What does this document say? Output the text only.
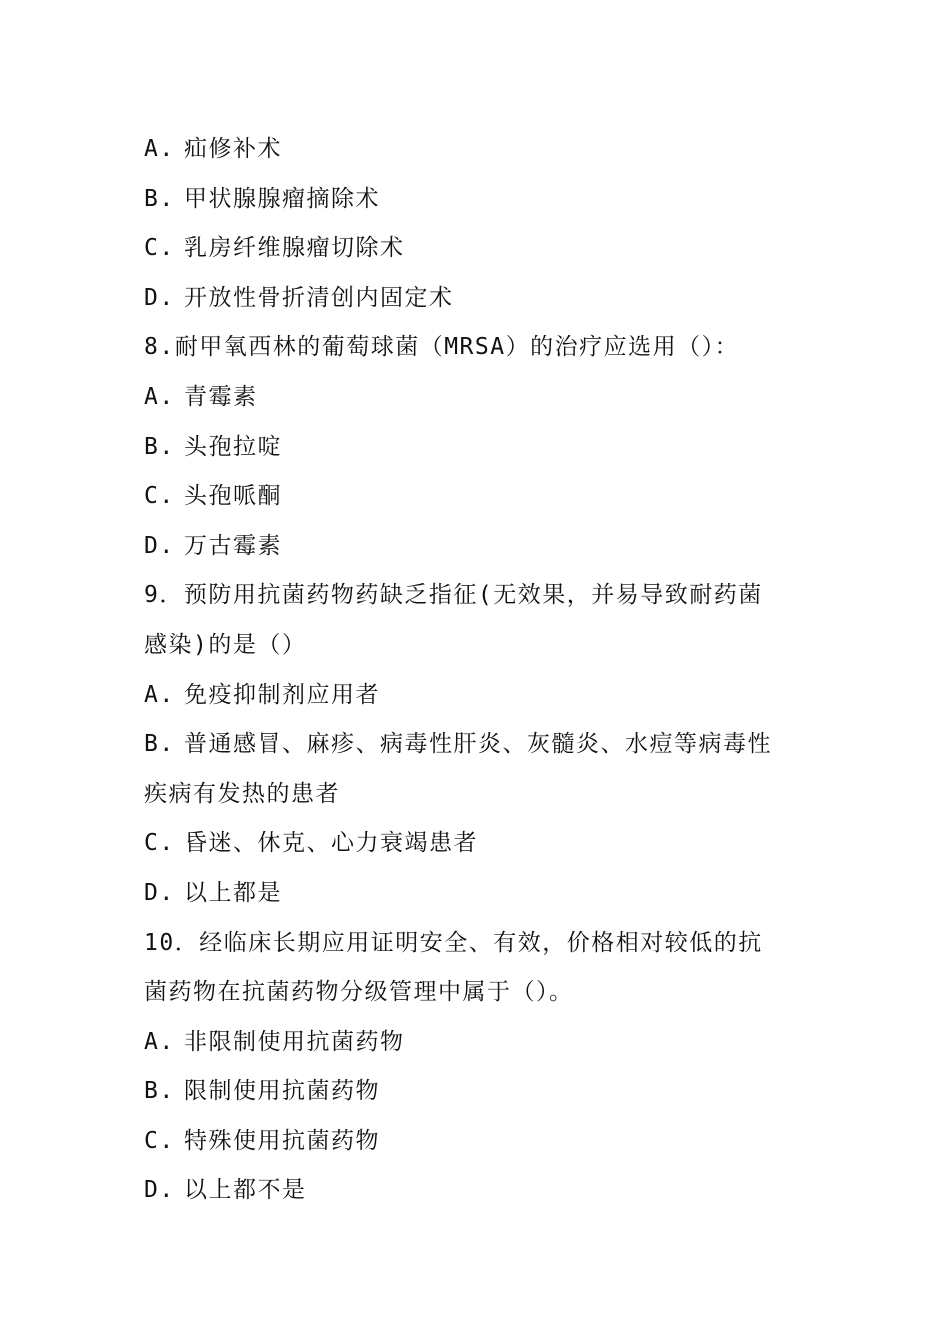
A. 疝修补术
B. 甲状腺腺瘤摘除术
C. 乳房纤维腺瘤切除术
D. 开放性骨折清创内固定术
8.耐甲氧西林的葡萄球菌（MRSA）的治疗应选用（）：
A. 青霉素
B. 头孢拉啶
C. 头孢哌酮
D. 万古霉素
9．预防用抗菌药物药缺乏指征(无效果，并易导致耐药菌
感染)的是（）
A. 免疫抑制剂应用者
B. 普通感冒、麻疹、病毒性肝炎、灰髓炎、水痘等病毒性
疾病有发热的患者
C. 昏迷、休克、心力衰竭患者
D. 以上都是
10．经临床长期应用证明安全、有效，价格相对较低的抗
菌药物在抗菌药物分级管理中属于（）。
A. 非限制使用抗菌药物
B. 限制使用抗菌药物
C. 特殊使用抗菌药物
D. 以上都不是
